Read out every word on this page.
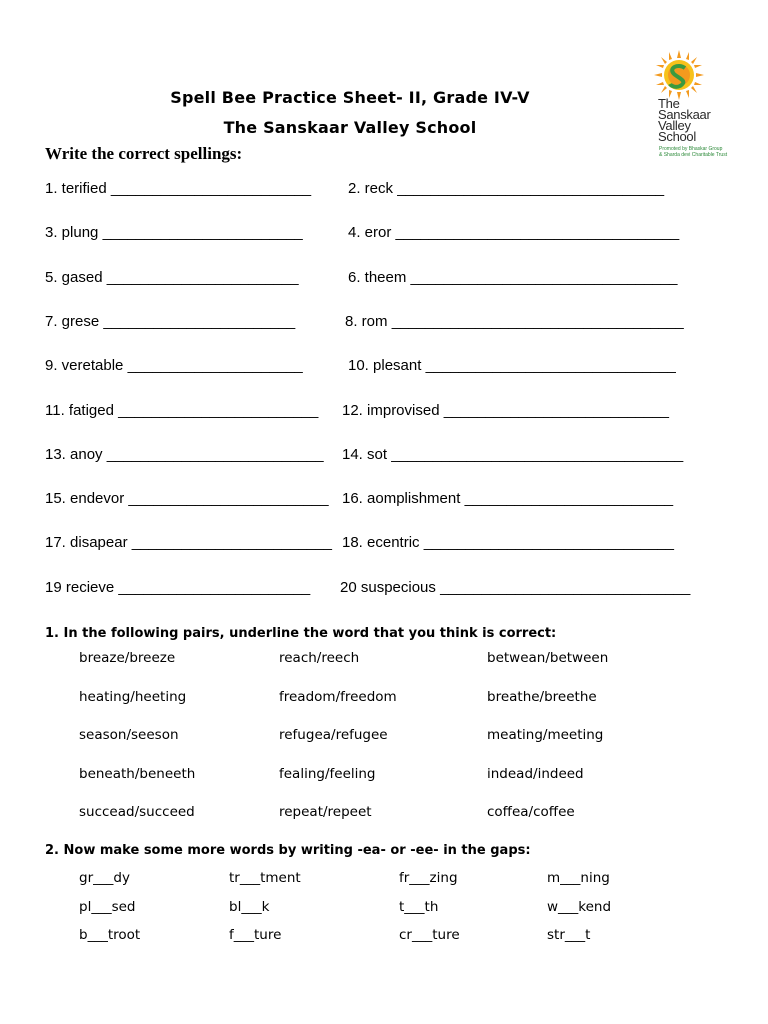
Spell Bee Practice Sheet- II, Grade IV-V
The Sanskaar Valley School
The
Sanskaar
Valley
School
Promoted by Bhaskar Group
& Sharda devi Charitable Trust
Write the correct spellings:
1. terified ________________________ 2. reck ________________________________
3. plung ________________________	4. eror __________________________________
5. gased _______________________	6. theem ________________________________
7. grese _______________________	8. rom ___________________________________
9. veretable _____________________	10. plesant ______________________________
11. fatiged ________________________ 12. improvised ___________________________
13. anoy __________________________ 14. sot ___________________________________
15. endevor ________________________ 16. aomplishment _________________________
17. disapear ________________________ 18. ecentric ______________________________
19 recieve _______________________ 20 suspecious ______________________________
1. In the following pairs, underline the word that you think is correct:
breaze/breeze	reach/reech	betwean/between
heating/heeting	freadom/freedom	breathe/breethe
season/seeson	refugea/refugee	meating/meeting
beneath/beneeth	fealing/feeling	indead/indeed
succead/succeed	repeat/repeet	coffea/coffee
2. Now make some more words by writing -ea- or -ee- in the gaps:
gr___dy	tr___tment	fr___zing	m___ning
pl___sed	bl___k	t___th	w___kend
b___troot	f___ture	cr___ture	str___t
